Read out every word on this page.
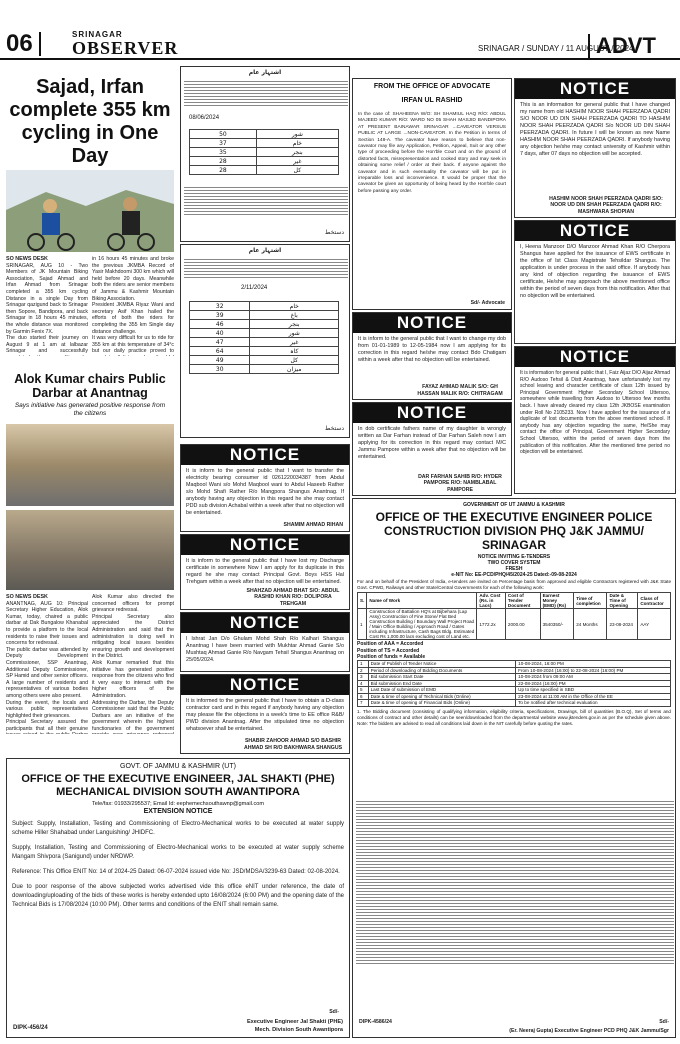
06	SRINAGAR
OBSERVER	SRINAGAR / SUNDAY / 11 AUGUST / 2024
ADVT
Sajad, Irfan complete 355 km cycling in One Day
SO NEWS DESK

SRINAGAR, AUG 10 - Two Members of JK Mountain Biking Association, Sajad Ahmad and Irfan Ahmad from Srinagar completed a 355 km cycling Distance in a single Day from Srinagar qazigund back to Srinagar then Sopore, Bandipora, and back Srinagar in 18 hours 45 minutes, the whole distance was monitored by Garmin Fenix 7X.

The duo started their journey on August 9 at 1 am at lalbazar Srinagar and successfully

in 16 hours 45 minutes and broke the previous JKMBA Record of Yasir Makhdoomi 300 km which will held before 20 days. Meanwhile both the riders are senior members of Jammu & Kashmir Mountain Biking Association.

President JKMBA Riyaz Wani and secretary Asif Khan hailed the efforts of both the riders for completing the 355 km Single day distance challenge.

It was very difficult for us to ride for 355 km at this temperature of 34°c but our daily practice proved to

Alok Kumar chairs Public Darbar at Anantnag
Says initiative has generated positive response from the citizens
SO NEWS DESK

ANANTNAG, AUG 10: Principal Secretary Higher Education, Alok Kumar, today, chaired a public darbar at Dak Bungalow Khanabal to provide a platform to the local residents to raise their issues and concerns for redressal.

The public darbar was attended by Deputy Development Commissioner, SSP Anantnag, Additional Deputy Commissioner, SP Hamid and other senior officers. A large number of residents and representatives of various bodies among others were also present.

During the event, the locals and various public representatives highlighted their grievances.

Principal Secretary assured the participants that all their genuine

Alok Kumar also directed the concerned officers for prompt grievance redressal.

Principal Secretary also appreciated the District Administration and said that the administration is doing well in mitigating local issues besides ensuring growth and development in the District.

Alok Kumar remarked that this initiative has generated positive response from the citizens who find it very easy to interact with the higher officers of the Administration.

Addressing the Darbar, the Deputy Commissioner said that the Public Darbars are an initiative of the government wherein the highest functionaries of the government

اشتہار عام
08/06/2024
50	شور
37	خام
35	بنجر
28	غیر
28	کل
دستخط
اشتہار عام
2/11/2024
32	خام
39	باغ
46	بنجر
40	شور
47	غیر
64	کاہ
49	کل
30	میزان
دستخط
NOTICE
It is inform to the general public that I want to transfer the electricity bearing consumer id 0261220034387 from Abdul Maqbool Wani s/o Mohd Maqbool wani to Abdul Haseeb Rather s/o Mohd Shafi Rather R/o Mangpora Shangus Anantnag. If anybody having any objection in this regard he she may contact PDD sub division Achabal within a week after that no objection will be entertained.
SHAMIM AHMAD RIHAN
NOTICE
It is inform to the general public that I have lost my Discharge certificate in somewhere Now I am apply for its duplicate in this regard he she may contact Principal Govt. Boys HSS Hal Trehgam within a week after that no objection will be entertained.
SHAHZAD AHMAD BHAT S/O: ABDUL RASHID KHAN R/O: DOLIPORA TREHGAM
NOTICE
I Ishrat Jan D/o Ghulam Mohd Shah R/o Kalhari Shangus Anantnag I have been married with Mukhtar Ahmad Ganie S/o Mushtaq Ahmad Ganie R/o Navgam Tehsil Shangus Anantnag on 25/05/2024.
NOTICE
It is informed to the general public that I have to obtain a D-class contractor card and in this regard if anybody having any objection may please file the objections in a week's time to EE office R&B/ PWD division Anantnag. After the stipulated time no objection whatsoever shall be entertained.
SHABIR ZAHOOR AHMAD S/O BASHIR AHMAD SH R/O BAKHWARA SHANGUS
FROM THE OFFICE OF ADVOCATE
IRFAN UL RASHID
In the case of: SHAHEENA W/O: SH SHAMIUL HAQ R/O: ABDUL MAJEED KUMAR R/O: WARD NO 05 SHAH MASJID BANDIPORA AT PRESENT BAINAWAR SRINAGAR ...CAVEATOR VERSUS PUBLIC AT LARGE ...NON-CAVEATOR. In the Petition in terms of Section 148-A. The caveator have reason to believe that non-caveator may file any Application, Petition, Appeal, Suit or any other type of proceeding before the Hon'ble Court and on the ground of distorted facts, misrepresentation and cooked story and may seek in obtaining some relief / order at their back. If anyone against the caveator and in such eventuality the caveator will be put in irreparable loss and inconvenience. It would be proper that the caveator be given an opportunity of being heard by the Hon'ble court before passing any order.
Sd/- Advocate
NOTICE
It is inform to the general public that I want to change my dob from 01-01-1989 to 12-05-1984 now I am applying for its correction in this regard he/she may contact Bdo Chatigam within a week after that no objection will be entertained.
FAYAZ AHMAD MALIK S/O: GH HASSAN MALIK R/O: CHITRAGAM
NOTICE
In dob certificate fathers name of my daughter is wrongly written as Dar Farhan instead of Dar Farhan Saleh now I am applying for its correction in this regard may contact M/C Jammu Pampore within a week after that no objection will be entertained.
DAR FARHAN SAHIB R/O: HYDER PAMPORE R/O: NAMBLABAL PAMPORE
NOTICE
This is an information for general public that I have changed my name from old HASHIM NOOR SHAH PEERZADA QADRI S/O NOOR UD DIN SHAH PEERZADA QADRI TO HASHIM NOOR SHAH PEERZADA QADRI S/o NOOR UD DIN SHAH PEERZADA QADRI. In future I will be known as new Name HASHIM NOOR SHAH PEERZADA QADRI. If anybody having any objection he/she may contact university of Kashmir within 7 days, after 07 days no objection will be accepted.
HASHIM NOOR SHAH PEERZADA QADRI S/O: NOOR UD DIN SHAH PEERZADA QADRI R/O: MASHWARA SHOPIAN
NOTICE
I, Heena Manzoor D/O Manzoor Ahmad Khan R/O Cherpora Shangus have applied for the issuance of EWS certificate in the office of Ist Class Magistrate Tehsildar Shangus. The application is under process in the said office. If anybody has any kind of objection regarding the issuance of EWS certificate, He/she may approach the above mentioned office within the period of seven days from this notification. After that no objection will be entertained.
NOTICE
It is information for general public that I, Faiz Aijaz D/O Aijaz Ahmad R/O Audoso Tehsil & Distt Anantnag, have unfortunately lost my school leaving and character certificate of class 12th issued by Principal Government Higher Secondary School Uttersoo, somewhere while travelling from Audoso to Uttersoo few months back. I have already cleared my class 12th JKBOSE examination under Roll No 2105233. Now I have applied for the issuance of a duplicate of lost documents from the above mentioned school. If anybody has any objection regarding the same, He/She may contact the office of Principal, Government Higher Secondary School Uttersoo, within the period of seven days from the publication of this notification. After the mentioned time period no objection will be entertained.
GOVERNMENT OF UT JAMMU & KASHMIR
OFFICE OF THE EXECUTIVE ENGINEER POLICE CONSTRUCTION DIVISION PHQ J&K JAMMU/ SRINAGAR
NOTICE INVITING E-TENDERS
TWO COVER SYSTEM
FRESH
e-NIT No: EE-PCD/PHQ/45/2024-25 Dated:-09-08-2024
For and on behalf of the President of India, e-tenders are invited on Percentage basis from approved and eligible Contractors registered with J&K State Govt. CPWD, Railways and other State/Central Governments for each of the following work:
S.	Name of Work	Adv. Cost (Rs. in Lacs)	Cost of Tender Document	Earnest Money (EMD) (Rs)	Time of completion	Date & Time of Opening	Class of Contractor
1	Construction of Battalion HQ's at Bijbehara (Lap Assy) Construction of Fine Stone/ Flat Bed Construction Building / Boundary Wall Project Road / Main Office Building / Approach Road / Gates including Infrastructure, Cash Bags Bldg. Estimated Cost Rs 1,000.00 lacs excluding cost of Land etc.	1772.2x	2000.00	3540350/-	24 Months	23-08-2024	AAY
Position of AAA = Accorded
Position of TS = Accorded
Position of funds = Available
1	Date of Publish of Tender Notice	10-08-2024, 16:00 PM
2	Period of downloading of Bidding Documents	From 10-08-2024 (16:00) to 22-08-2024 (16:00) PM
3	Bid submission Start Date	10-08-2024 from 09:00 AM
4	Bid submission End Date	22-08-2024 (16:00) PM
5	Last Date of submission of EMD	Up to time specified in SBD
6	Date & time of opening of Technical Bids (Online)	23-08-2024 at 11:00 AM in the Office of the EE
7	Date & time of opening of Financial Bids (Online)	To be notified after technical evaluation
1. The Bidding document (consisting of qualifying information, eligibility criteria, specifications, Drawings, bill of quantities (B.O.Q), Set of terms and conditions of contract and other details) can be seen/downloaded from the departmental website www.jktenders.gov.in as per the schedule given above. Note: The bidders are advised to read all conditions laid down in the NIT carefully before quoting the rates.
DIPK-4586/24	Sd/-
(Er. Neeraj Gupta) Executive Engineer PCD PHQ J&K Jammu/Sgr
GOVT. OF JAMMU & KASHMIR (UT)
OFFICE OF THE EXECUTIVE ENGINEER, JAL SHAKTI (PHE) MECHANICAL DIVISION SOUTH AWANTIPORA
Tele/fax: 01933/295537; Email Id: eephemechsouthawnp@gmail.com
EXTENSION NOTICE
Subject: Supply, Installation, Testing and Commissioning of Electro-Mechanical works to be executed at water supply scheme Hiller Shahabad under Languishing/ JHIDFC.
Supply, Installation, Testing and Commissioning of Electro-Mechanical works to be executed at water supply scheme Mangam Shivpora (Sanigund) under NRDWP.
Reference: This Office ENIT No: 14 of 2024-25 Dated: 06-07-2024 issued vide No: JSD/MDSA/3239-63 Dated: 02-08-2024.
Due to poor response of the above subjected works advertised vide this office eNIT under reference, the date of downloading/uploading of the bids of these works is hereby extended upto 16/08/2024 (6:00 PM) and the opening date of the Technical Bids is 17/08/2024 (10:00 PM). Other terms and conditions of the ENIT shall remain same.
Sd/-
DIPK-456/24
Executive Engineer Jal Shakti (PHE)
Mech. Division South Awantipora
